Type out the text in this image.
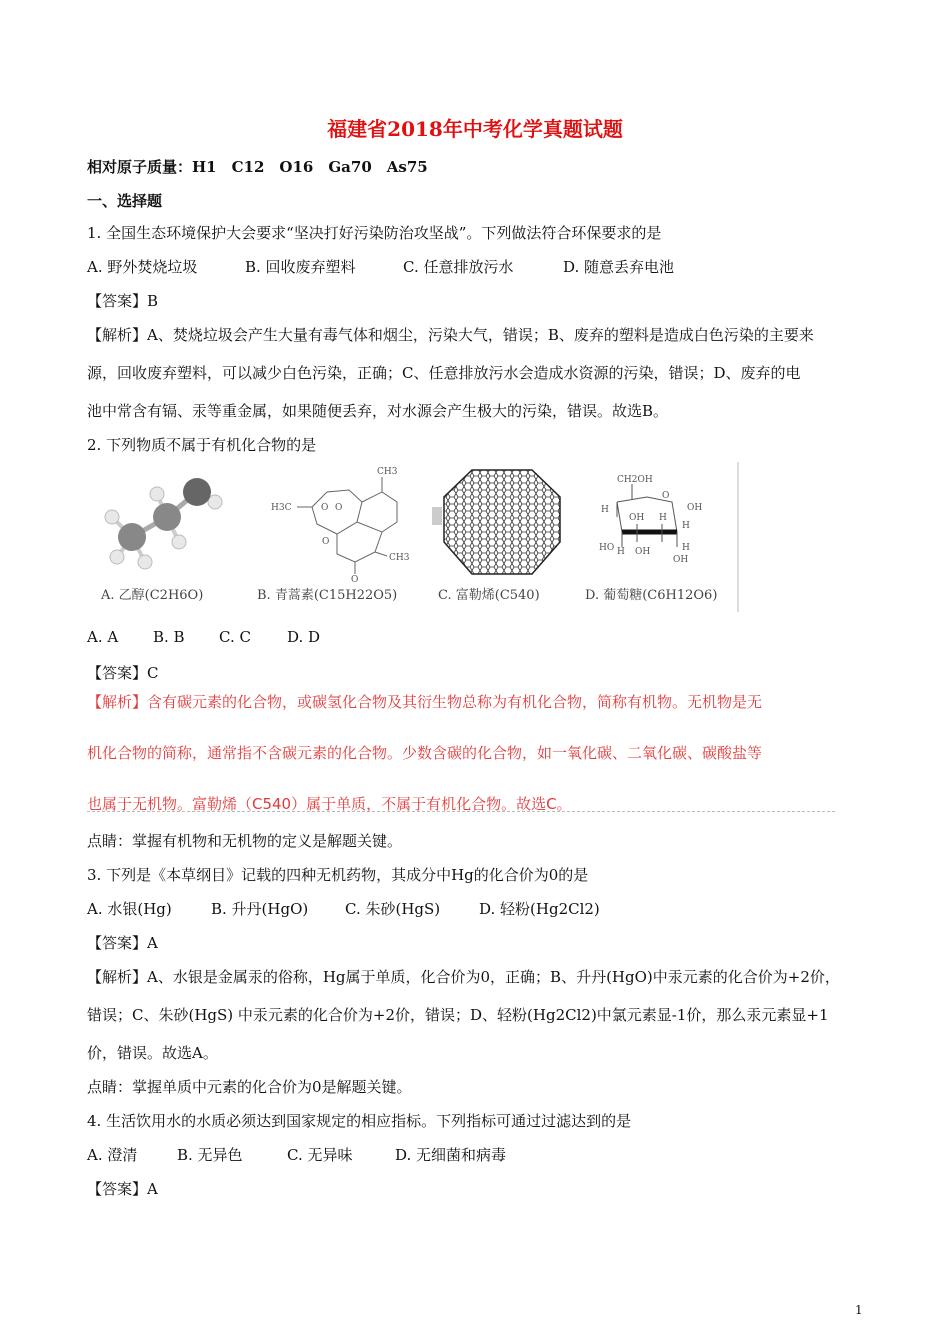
福建省2018年中考化学真题试题
相对原子质量：H1　C12　O16　Ga70　As75
一、选择题
1. 全国生态环境保护大会要求“坚决打好污染防治攻坚战”。下列做法符合环保要求的是
A. 野外焚烧垃圾	B. 回收废弃塑料	C. 任意排放污水	D. 随意丢弃电池
【答案】B
【解析】A、焚烧垃圾会产生大量有毒气体和烟尘，污染大气，错误；B、废弃的塑料是造成白色污染的主要来
源，回收废弃塑料，可以减少白色污染，正确；C、任意排放污水会造成水资源的污染，错误；D、废弃的电
池中常含有镉、汞等重金属，如果随便丢弃，对水源会产生极大的污染，错误。故选B。
2. 下列物质不属于有机化合物的是
A. 乙醇(C2H6O)
CH3
H3C	O O
O
O
CH3
B. 青蒿素(C15H22O5)	C. 富勒烯(C540)
CH2OH
O
OH
H
H
OH H
HO OH	H
H
OH
D. 葡萄糖(C6H12O6)
A. A B. B C. C D. D
【答案】C
【解析】含有碳元素的化合物，或碳氢化合物及其衍生物总称为有机化合物，简称有机物。无机物是无
机化合物的简称，通常指不含碳元素的化合物。少数含碳的化合物，如一氧化碳、二氧化碳、碳酸盐等
也属于无机物。富勒烯（C540）属于单质，不属于有机化合物。故选C。
点睛：掌握有机物和无机物的定义是解题关键。
3. 下列是《本草纲目》记载的四种无机药物，其成分中Hg的化合价为0的是
A. 水银(Hg)	B. 升丹(HgO) C. 朱砂(HgS)	D. 轻粉(Hg2Cl2)
【答案】A
【解析】A、水银是金属汞的俗称，Hg属于单质，化合价为0，正确；B、升丹(HgO)中汞元素的化合价为+2价，
错误；C、朱砂(HgS) 中汞元素的化合价为+2价，错误；D、轻粉(Hg2Cl2)中氯元素显-1价，那么汞元素显+1
价，错误。故选A。
点睛：掌握单质中元素的化合价为0是解题关键。
4. 生活饮用水的水质必须达到国家规定的相应指标。下列指标可通过过滤达到的是
A. 澄清	B. 无异色	C. 无异味	D. 无细菌和病毒
【答案】A
1
